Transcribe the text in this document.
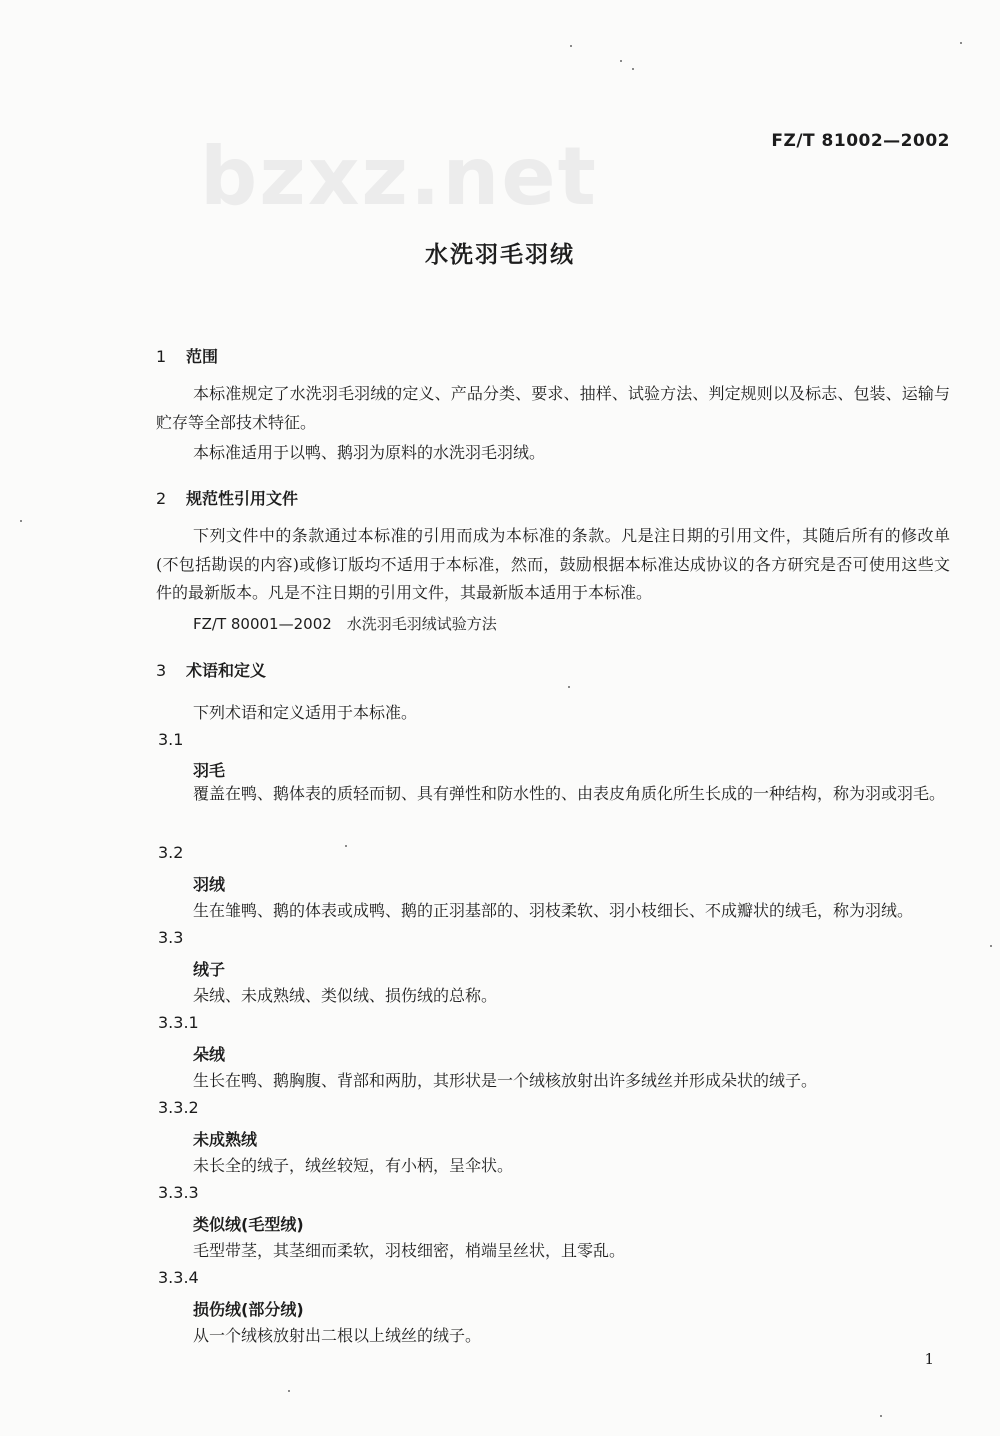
bzxz.net	FZ/T 81002—2002
水洗羽毛羽绒
1 范围
本标准规定了水洗羽毛羽绒的定义、产品分类、要求、抽样、试验方法、判定规则以及标志、包装、运输与贮存等全部技术特征。
本标准适用于以鸭、鹅羽为原料的水洗羽毛羽绒。
2 规范性引用文件
下列文件中的条款通过本标准的引用而成为本标准的条款。凡是注日期的引用文件，其随后所有的修改单(不包括勘误的内容)或修订版均不适用于本标准，然而，鼓励根据本标准达成协议的各方研究是否可使用这些文件的最新版本。凡是不注日期的引用文件，其最新版本适用于本标准。
FZ/T 80001—2002　水洗羽毛羽绒试验方法
3 术语和定义
下列术语和定义适用于本标准。
3.1
羽毛
覆盖在鸭、鹅体表的质轻而韧、具有弹性和防水性的、由表皮角质化所生长成的一种结构，称为羽或羽毛。
3.2
羽绒
生在雏鸭、鹅的体表或成鸭、鹅的正羽基部的、羽枝柔软、羽小枝细长、不成瓣状的绒毛，称为羽绒。
3.3
绒子
朵绒、未成熟绒、类似绒、损伤绒的总称。
3.3.1
朵绒
生长在鸭、鹅胸腹、背部和两肋，其形状是一个绒核放射出许多绒丝并形成朵状的绒子。
3.3.2
未成熟绒
未长全的绒子，绒丝较短，有小柄，呈伞状。
3.3.3
类似绒(毛型绒)
毛型带茎，其茎细而柔软，羽枝细密，梢端呈丝状，且零乱。
3.3.4
损伤绒(部分绒)
从一个绒核放射出二根以上绒丝的绒子。
1
